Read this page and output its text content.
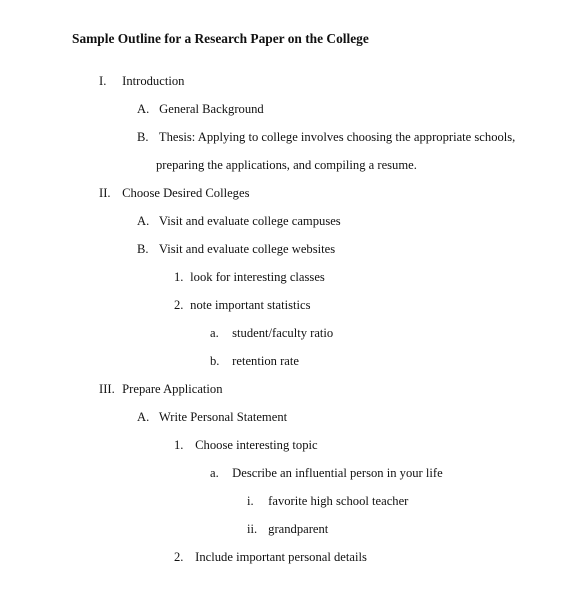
Sample Outline for a Research Paper on the College
I. Introduction
A. General Background
B. Thesis: Applying to college involves choosing the appropriate schools,
preparing the applications, and compiling a resume.
II. Choose Desired Colleges
A. Visit and evaluate college campuses
B. Visit and evaluate college websites
1. look for interesting classes
2. note important statistics
a. student/faculty ratio
b. retention rate
III. Prepare Application
A. Write Personal Statement
1. Choose interesting topic
a. Describe an influential person in your life
i. favorite high school teacher
ii. grandparent
2. Include important personal details
